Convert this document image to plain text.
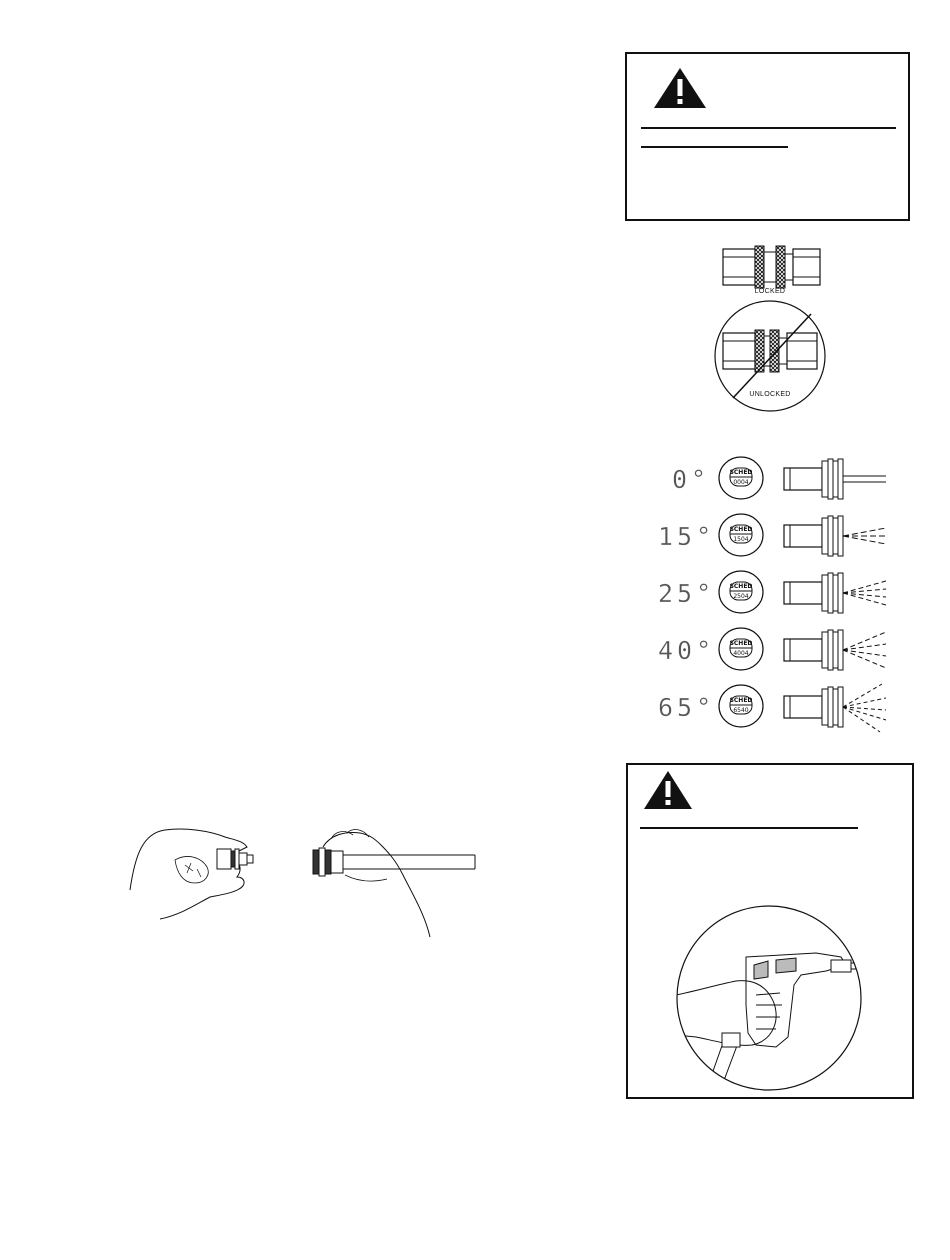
LOCKED
UNLOCKED
0°	SCHED
0004
15°	SCHED
1504
25°	SCHED
2504
40°	SCHED
4004
65°	SCHED
6540
